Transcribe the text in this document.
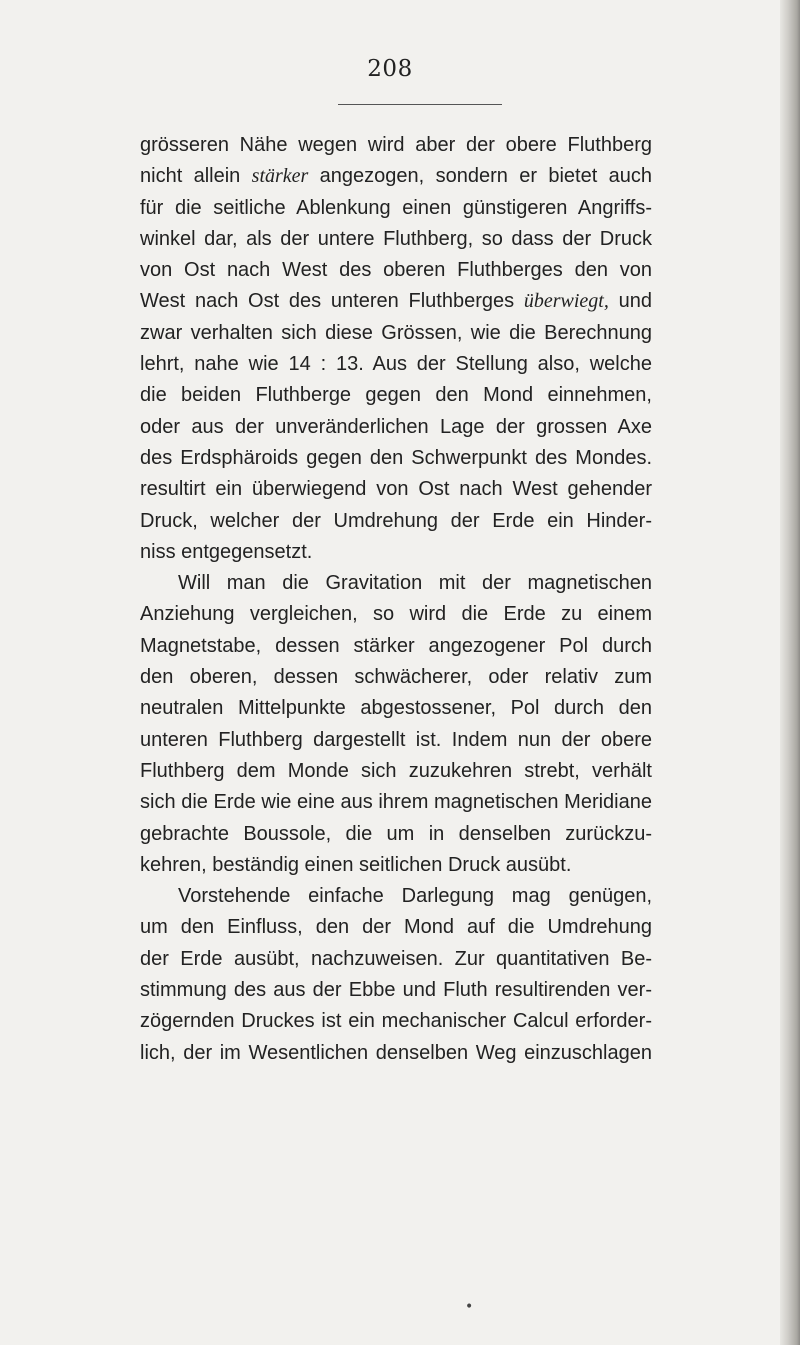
208
grösseren Nähe wegen wird aber der obere Fluthberg
nicht allein stärker angezogen, sondern er bietet auch
für die seitliche Ablenkung einen günstigeren Angriffs-
winkel dar, als der untere Fluthberg, so dass der Druck
von Ost nach West des oberen Fluthberges den von
West nach Ost des unteren Fluthberges überwiegt, und
zwar verhalten sich diese Grössen, wie die Berechnung
lehrt, nahe wie 14 : 13. Aus der Stellung also, welche
die beiden Fluthberge gegen den Mond einnehmen,
oder aus der unveränderlichen Lage der grossen Axe
des Erdsphäroids gegen den Schwerpunkt des Mondes.
resultirt ein überwiegend von Ost nach West gehender
Druck, welcher der Umdrehung der Erde ein Hinder-
niss entgegensetzt.
Will man die Gravitation mit der magnetischen
Anziehung vergleichen, so wird die Erde zu einem
Magnetstabe, dessen stärker angezogener Pol durch
den oberen, dessen schwächerer, oder relativ zum
neutralen Mittelpunkte abgestossener, Pol durch den
unteren Fluthberg dargestellt ist. Indem nun der obere
Fluthberg dem Monde sich zuzukehren strebt, verhält
sich die Erde wie eine aus ihrem magnetischen Meridiane
gebrachte Boussole, die um in denselben zurückzu-
kehren, beständig einen seitlichen Druck ausübt.
Vorstehende einfache Darlegung mag genügen,
um den Einfluss, den der Mond auf die Umdrehung
der Erde ausübt, nachzuweisen. Zur quantitativen Be-
stimmung des aus der Ebbe und Fluth resultirenden ver-
zögernden Druckes ist ein mechanischer Calcul erforder-
lich, der im Wesentlichen denselben Weg einzuschlagen
•
